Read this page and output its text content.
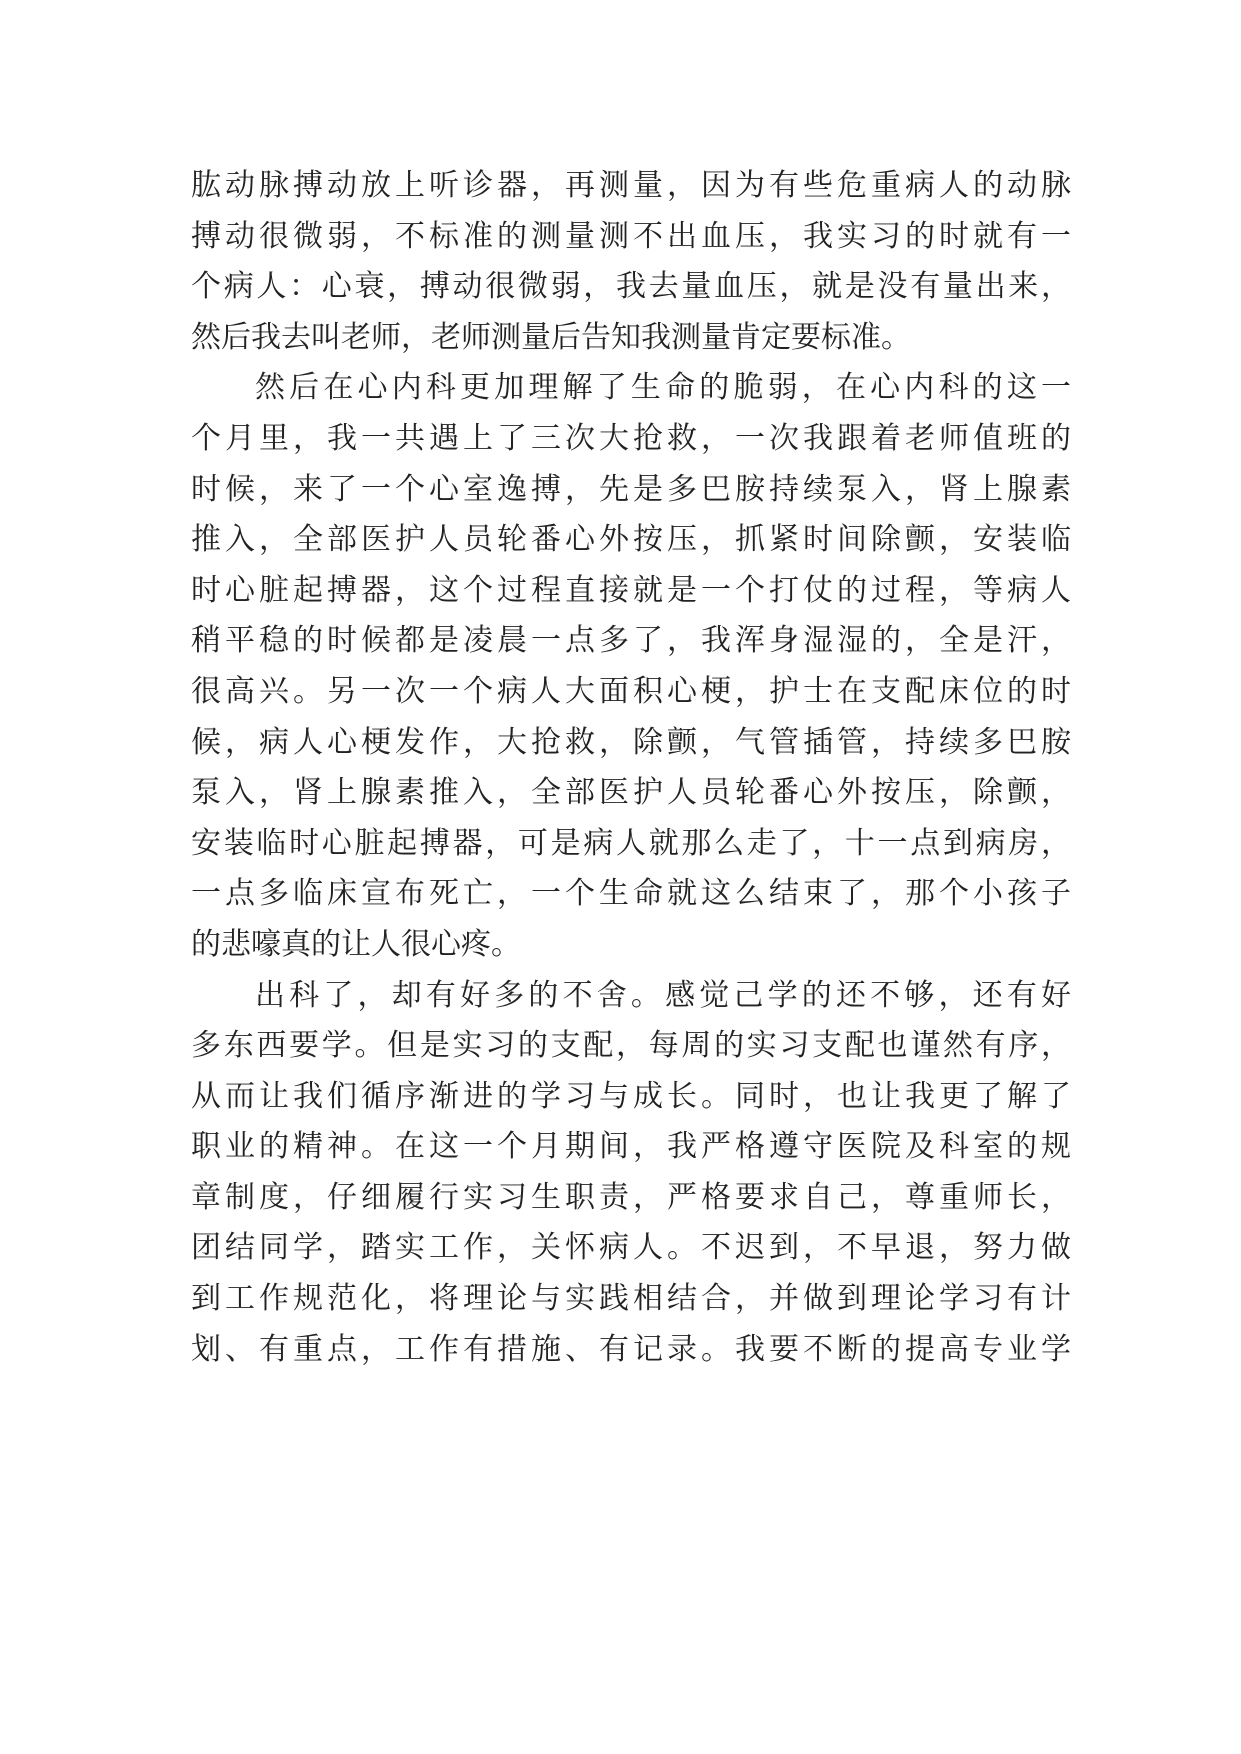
肱动脉搏动放上听诊器，再测量，因为有些危重病人的动脉
搏动很微弱，不标准的测量测不出血压，我实习的时就有一
个病人：心衰，搏动很微弱，我去量血压，就是没有量出来，
然后我去叫老师，老师测量后告知我测量肯定要标准。
然后在心内科更加理解了生命的脆弱，在心内科的这一
个月里，我一共遇上了三次大抢救，一次我跟着老师值班的
时候，来了一个心室逸搏，先是多巴胺持续泵入，肾上腺素
推入，全部医护人员轮番心外按压，抓紧时间除颤，安装临
时心脏起搏器，这个过程直接就是一个打仗的过程，等病人
稍平稳的时候都是凌晨一点多了，我浑身湿湿的，全是汗，
很高兴。另一次一个病人大面积心梗，护士在支配床位的时
候，病人心梗发作，大抢救，除颤，气管插管，持续多巴胺
泵入，肾上腺素推入，全部医护人员轮番心外按压，除颤，
安装临时心脏起搏器，可是病人就那么走了，十一点到病房，
一点多临床宣布死亡，一个生命就这么结束了，那个小孩子
的悲嚎真的让人很心疼。
出科了，却有好多的不舍。感觉己学的还不够，还有好
多东西要学。但是实习的支配，每周的实习支配也谨然有序，
从而让我们循序渐进的学习与成长。同时，也让我更了解了
职业的精神。在这一个月期间，我严格遵守医院及科室的规
章制度，仔细履行实习生职责，严格要求自己，尊重师长，
团结同学，踏实工作，关怀病人。不迟到，不早退，努力做
到工作规范化，将理论与实践相结合，并做到理论学习有计
划、有重点，工作有措施、有记录。我要不断的提高专业学
